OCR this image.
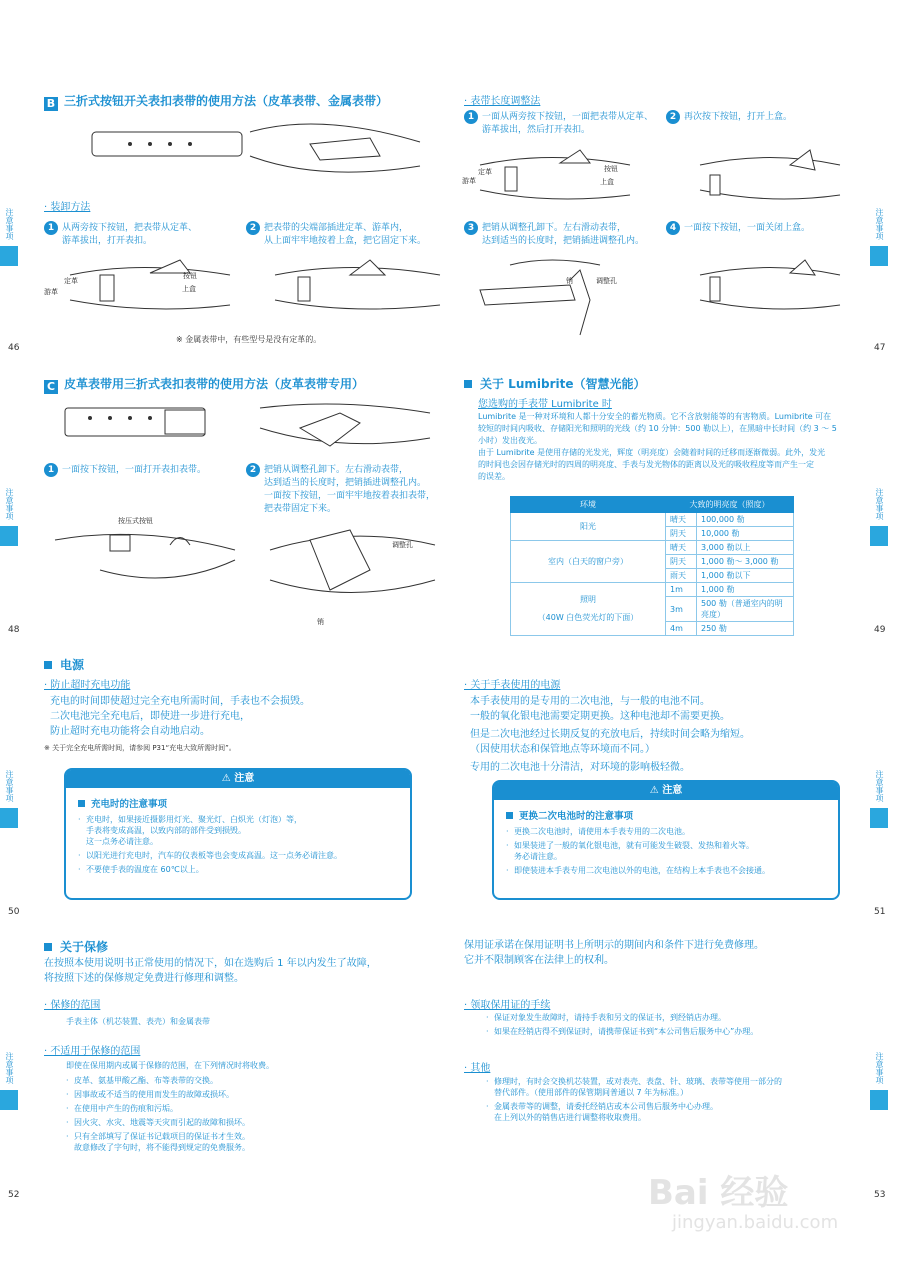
B 三折式按钮开关表扣表带的使用方法（皮革表带、金属表带）
· 装卸方法
1 从两旁按下按钮，把表带从定革、
游革拔出，打开表扣。
2 把表带的尖端部插进定革、游革内，
从上面牢牢地按着上盒，把它固定下来。
定革
游革
按钮
上盒
※ 金属表带中，有些型号是没有定革的。
· 表带长度调整法
1 一面从两旁按下按钮，一面把表带从定革、
游革拔出，然后打开表扣。
2 再次按下按钮，打开上盒。
定革
游革
按钮
上盒
3 把销从调整孔卸下。左右滑动表带，
达到适当的长度时，把销插进调整孔内。
4 一面按下按钮，一面关闭上盒。
销	调整孔
C 皮革表带用三折式表扣表带的使用方法（皮革表带专用）
1 一面按下按钮，一面打开表扣表带。	2 把销从调整孔卸下。左右滑动表带，
达到适当的长度时，把销插进调整孔内。
一面按下按钮，一面牢牢地按着表扣表带，
把表带固定下来。
按压式按钮
调整孔
销
关于 Lumibrite（智慧光能）
您选购的手表带 Lumibrite 时
Lumibrite 是一种对环境和人都十分安全的蓄光物质。它不含放射能等的有害物质。Lumibrite 可在
较短的时间内吸收、存储阳光和照明的光线（约 10 分钟：500 勒以上），在黑暗中长时间（约 3 ～ 5
小时）发出夜光。
由于 Lumibrite 是使用存储的光发光，辉度（明亮度）会随着时间的迁移而逐渐微弱。此外，发光
的时间也会因存储光时的四周的明亮度、手表与发光物体的距离以及光的吸收程度等而产生一定
的误差。
环境	大致的明亮度（照度）	
阳光	晴天	100,000 勒
	阴天	10,000 勒
室内（白天的窗户旁）	晴天	3,000 勒以上
	阴天	1,000 勒～ 3,000 勒
	雨天	1,000 勒以下
照明
（40W 白色荧光灯的下面）	1m	1,000 勒
	3m	500 勒（普通室内的明亮度）
	4m	250 勒
电源
· 防止超时充电功能
充电的时间即使超过完全充电所需时间，手表也不会损毁。
二次电池完全充电后，即使进一步进行充电，
防止超时充电功能将会自动地启动。
※ 关于完全充电所需时间，请参阅 P31“充电大致所需时间”。
⚠ 注意
充电时的注意事项
· 充电时，如果接近摄影用灯光、聚光灯、白炽光（灯泡）等，
手表将变成高温，以致内部的部件受到损毁。
这一点务必请注意。
· 以阳光进行充电时，汽车的仪表板等也会变成高温。这一点务必请注意。
· 不要使手表的温度在 60℃以上。
· 关于手表使用的电源
本手表使用的是专用的二次电池，与一般的电池不同。
一般的氧化银电池需要定期更换。这种电池却不需要更换。
但是二次电池经过长期反复的充放电后，持续时间会略为缩短。
（因使用状态和保管地点等环境而不同。）
专用的二次电池十分清洁，对环境的影响极轻微。
⚠ 注意
更换二次电池时的注意事项
· 更换二次电池时，请使用本手表专用的二次电池。
· 如果装进了一般的氧化银电池，就有可能发生破裂、发热和着火等。
务必请注意。
· 即使装进本手表专用二次电池以外的电池，在结构上本手表也不会接通。
关于保修
在按照本使用说明书正常使用的情况下，如在选购后 1 年以内发生了故障，
将按照下述的保修规定免费进行修理和调整。
· 保修的范围
手表主体（机芯装置、表壳）和金属表带
· 不适用于保修的范围
即使在保用期内或属于保修的范围，在下列情况时将收费。
· 皮革、氨基甲酸乙酯、布等表带的交换。
· 因事故或不适当的使用而发生的故障或损坏。
· 在使用中产生的伤痕和污垢。
· 因火灾、水灾、地震等天灾而引起的故障和损坏。
· 只有全部填写了保证书记载项目的保证书才生效。
故意修改了字句时，将不能得到规定的免费服务。
保用证承诺在保用证明书上所明示的期间内和条件下进行免费修理。
它并不限制顾客在法律上的权利。
· 领取保用证的手续
· 保证对象发生故障时，请持手表和另文的保证书，到经销店办理。
· 如果在经销店得不到保证时，请携带保证书到“本公司售后服务中心”办理。
· 其他
· 修理时，有时会交换机芯装置，或对表壳、表盘、针、玻璃、表带等使用一部分的
替代部件。（使用部件的保管期间普通以 7 年为标准。）
· 金属表带等的调整，请委托经销店或本公司售后服务中心办理。
在上列以外的销售店进行调整将收取费用。
注意事项	注意事项
注意事项	注意事项
注意事项	注意事项
注意事项	注意事项
46	47
48	49
50	51
52	53
Bai 经验
jingyan.baidu.com
